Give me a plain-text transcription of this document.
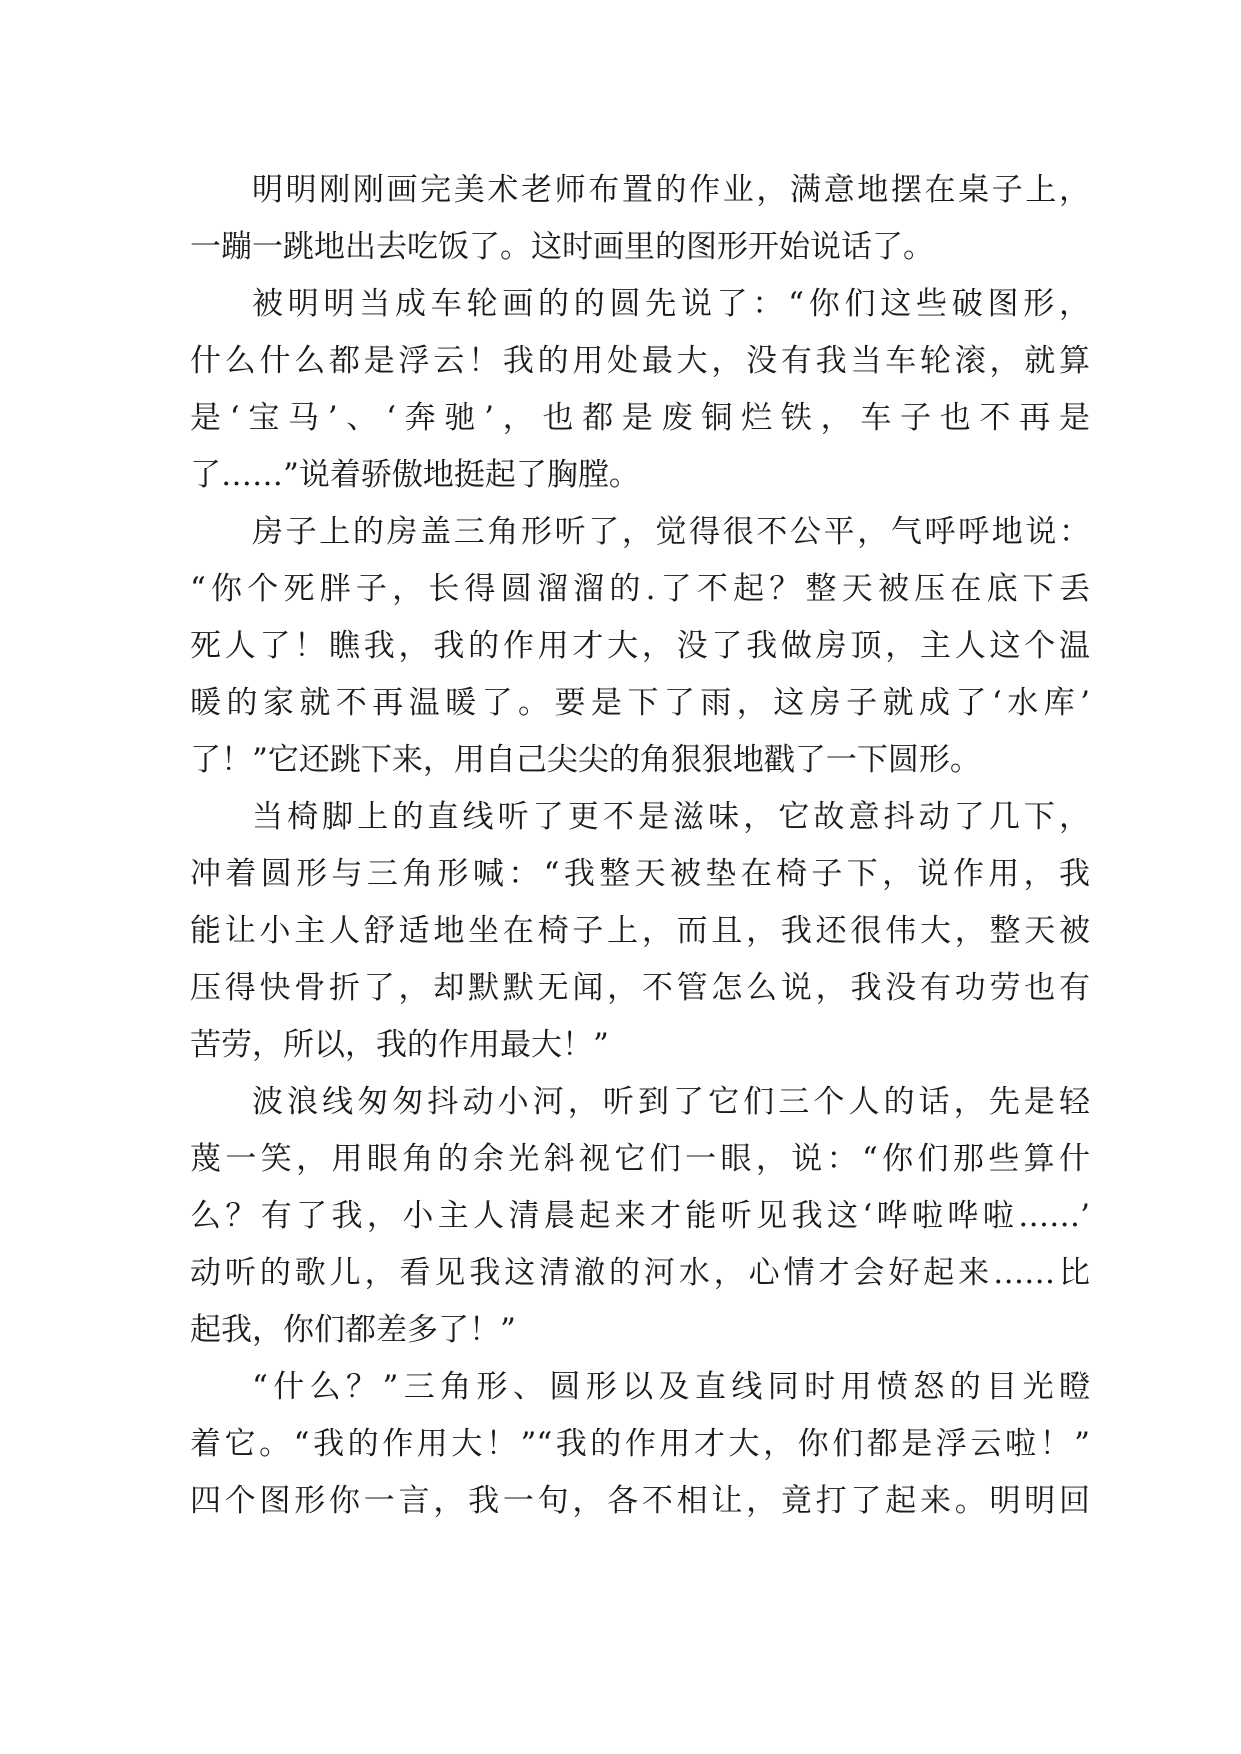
明明刚刚画完美术老师布置的作业，满意地摆在桌子上，
一蹦一跳地出去吃饭了。这时画里的图形开始说话了。
被明明当成车轮画的的圆先说了：“你们这些破图形，
什么什么都是浮云！我的用处最大，没有我当车轮滚，就算
是‘宝马’、‘奔驰’，也都是废铜烂铁，车子也不再是
了……”说着骄傲地挺起了胸膛。
房子上的房盖三角形听了，觉得很不公平，气呼呼地说：
“你个死胖子，长得圆溜溜的.了不起？整天被压在底下丢
死人了！瞧我，我的作用才大，没了我做房顶，主人这个温
暖的家就不再温暖了。要是下了雨，这房子就成了‘水库’
了！”它还跳下来，用自己尖尖的角狠狠地戳了一下圆形。
当椅脚上的直线听了更不是滋味，它故意抖动了几下，
冲着圆形与三角形喊：“我整天被垫在椅子下，说作用，我
能让小主人舒适地坐在椅子上，而且，我还很伟大，整天被
压得快骨折了，却默默无闻，不管怎么说，我没有功劳也有
苦劳，所以，我的作用最大！”
波浪线匆匆抖动小河，听到了它们三个人的话，先是轻
蔑一笑，用眼角的余光斜视它们一眼，说：“你们那些算什
么？有了我，小主人清晨起来才能听见我这‘哗啦哗啦……’
动听的歌儿，看见我这清澈的河水，心情才会好起来……比
起我，你们都差多了！”
“什么？”三角形、圆形以及直线同时用愤怒的目光瞪
着它。“我的作用大！”“我的作用才大，你们都是浮云啦！”
四个图形你一言，我一句，各不相让，竟打了起来。明明回
